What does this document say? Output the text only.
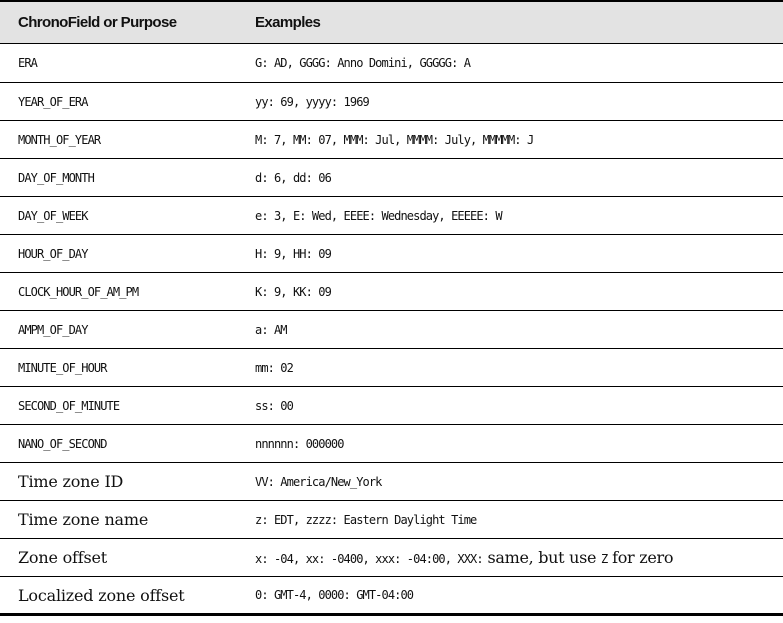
ChronoField or Purpose	Examples
ERA	G: AD, GGGG: Anno Domini, GGGGG: A
YEAR_OF_ERA	yy: 69, yyyy: 1969
MONTH_OF_YEAR	M: 7, MM: 07, MMM: Jul, MMMM: July, MMMMM: J
DAY_OF_MONTH	d: 6, dd: 06
DAY_OF_WEEK	e: 3, E: Wed, EEEE: Wednesday, EEEEE: W
HOUR_OF_DAY	H: 9, HH: 09
CLOCK_HOUR_OF_AM_PM	K: 9, KK: 09
AMPM_OF_DAY	a: AM
MINUTE_OF_HOUR	mm: 02
SECOND_OF_MINUTE	ss: 00
NANO_OF_SECOND	nnnnnn: 000000
Time zone ID	VV: America/New_York
Time zone name	z: EDT, zzzz: Eastern Daylight Time
Zone offset	x: -04, xx: -0400, xxx: -04:00, XXX: same, but use Z for zero
Localized zone offset	0: GMT-4, 0000: GMT-04:00
